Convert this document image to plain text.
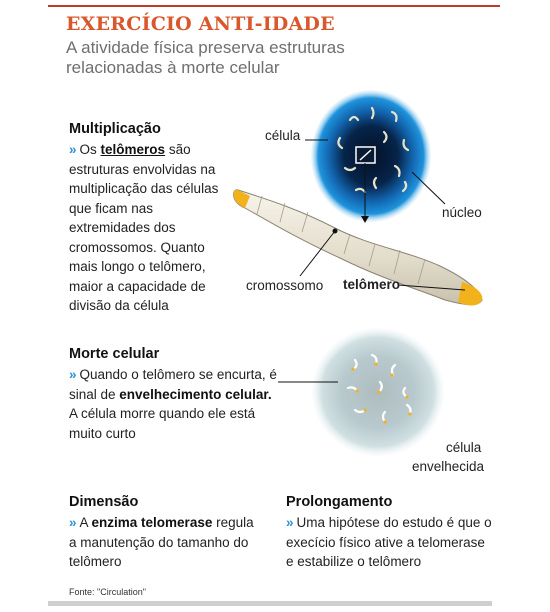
EXERCÍCIO ANTI-IDADE
A atividade física preserva estruturas relacionadas à morte celular
célula
núcleo
cromossomo telômero
célula
envelhecida
Multiplicação
» Os telômeros são estruturas envolvidas na multiplicação das células que ficam nas extremidades dos cromossomos. Quanto mais longo o telômero, maior a capacidade de divisão da célula
Morte celular
» Quando o telômero se encurta, é sinal de envelhecimento celular. A célula morre quando ele está muito curto
Dimensão
» A enzima telomerase regula a manutenção do tamanho do telômero
Prolongamento
» Uma hipótese do estudo é que o execício físico ative a telomerase e estabilize o telômero
Fonte: "Circulation"
